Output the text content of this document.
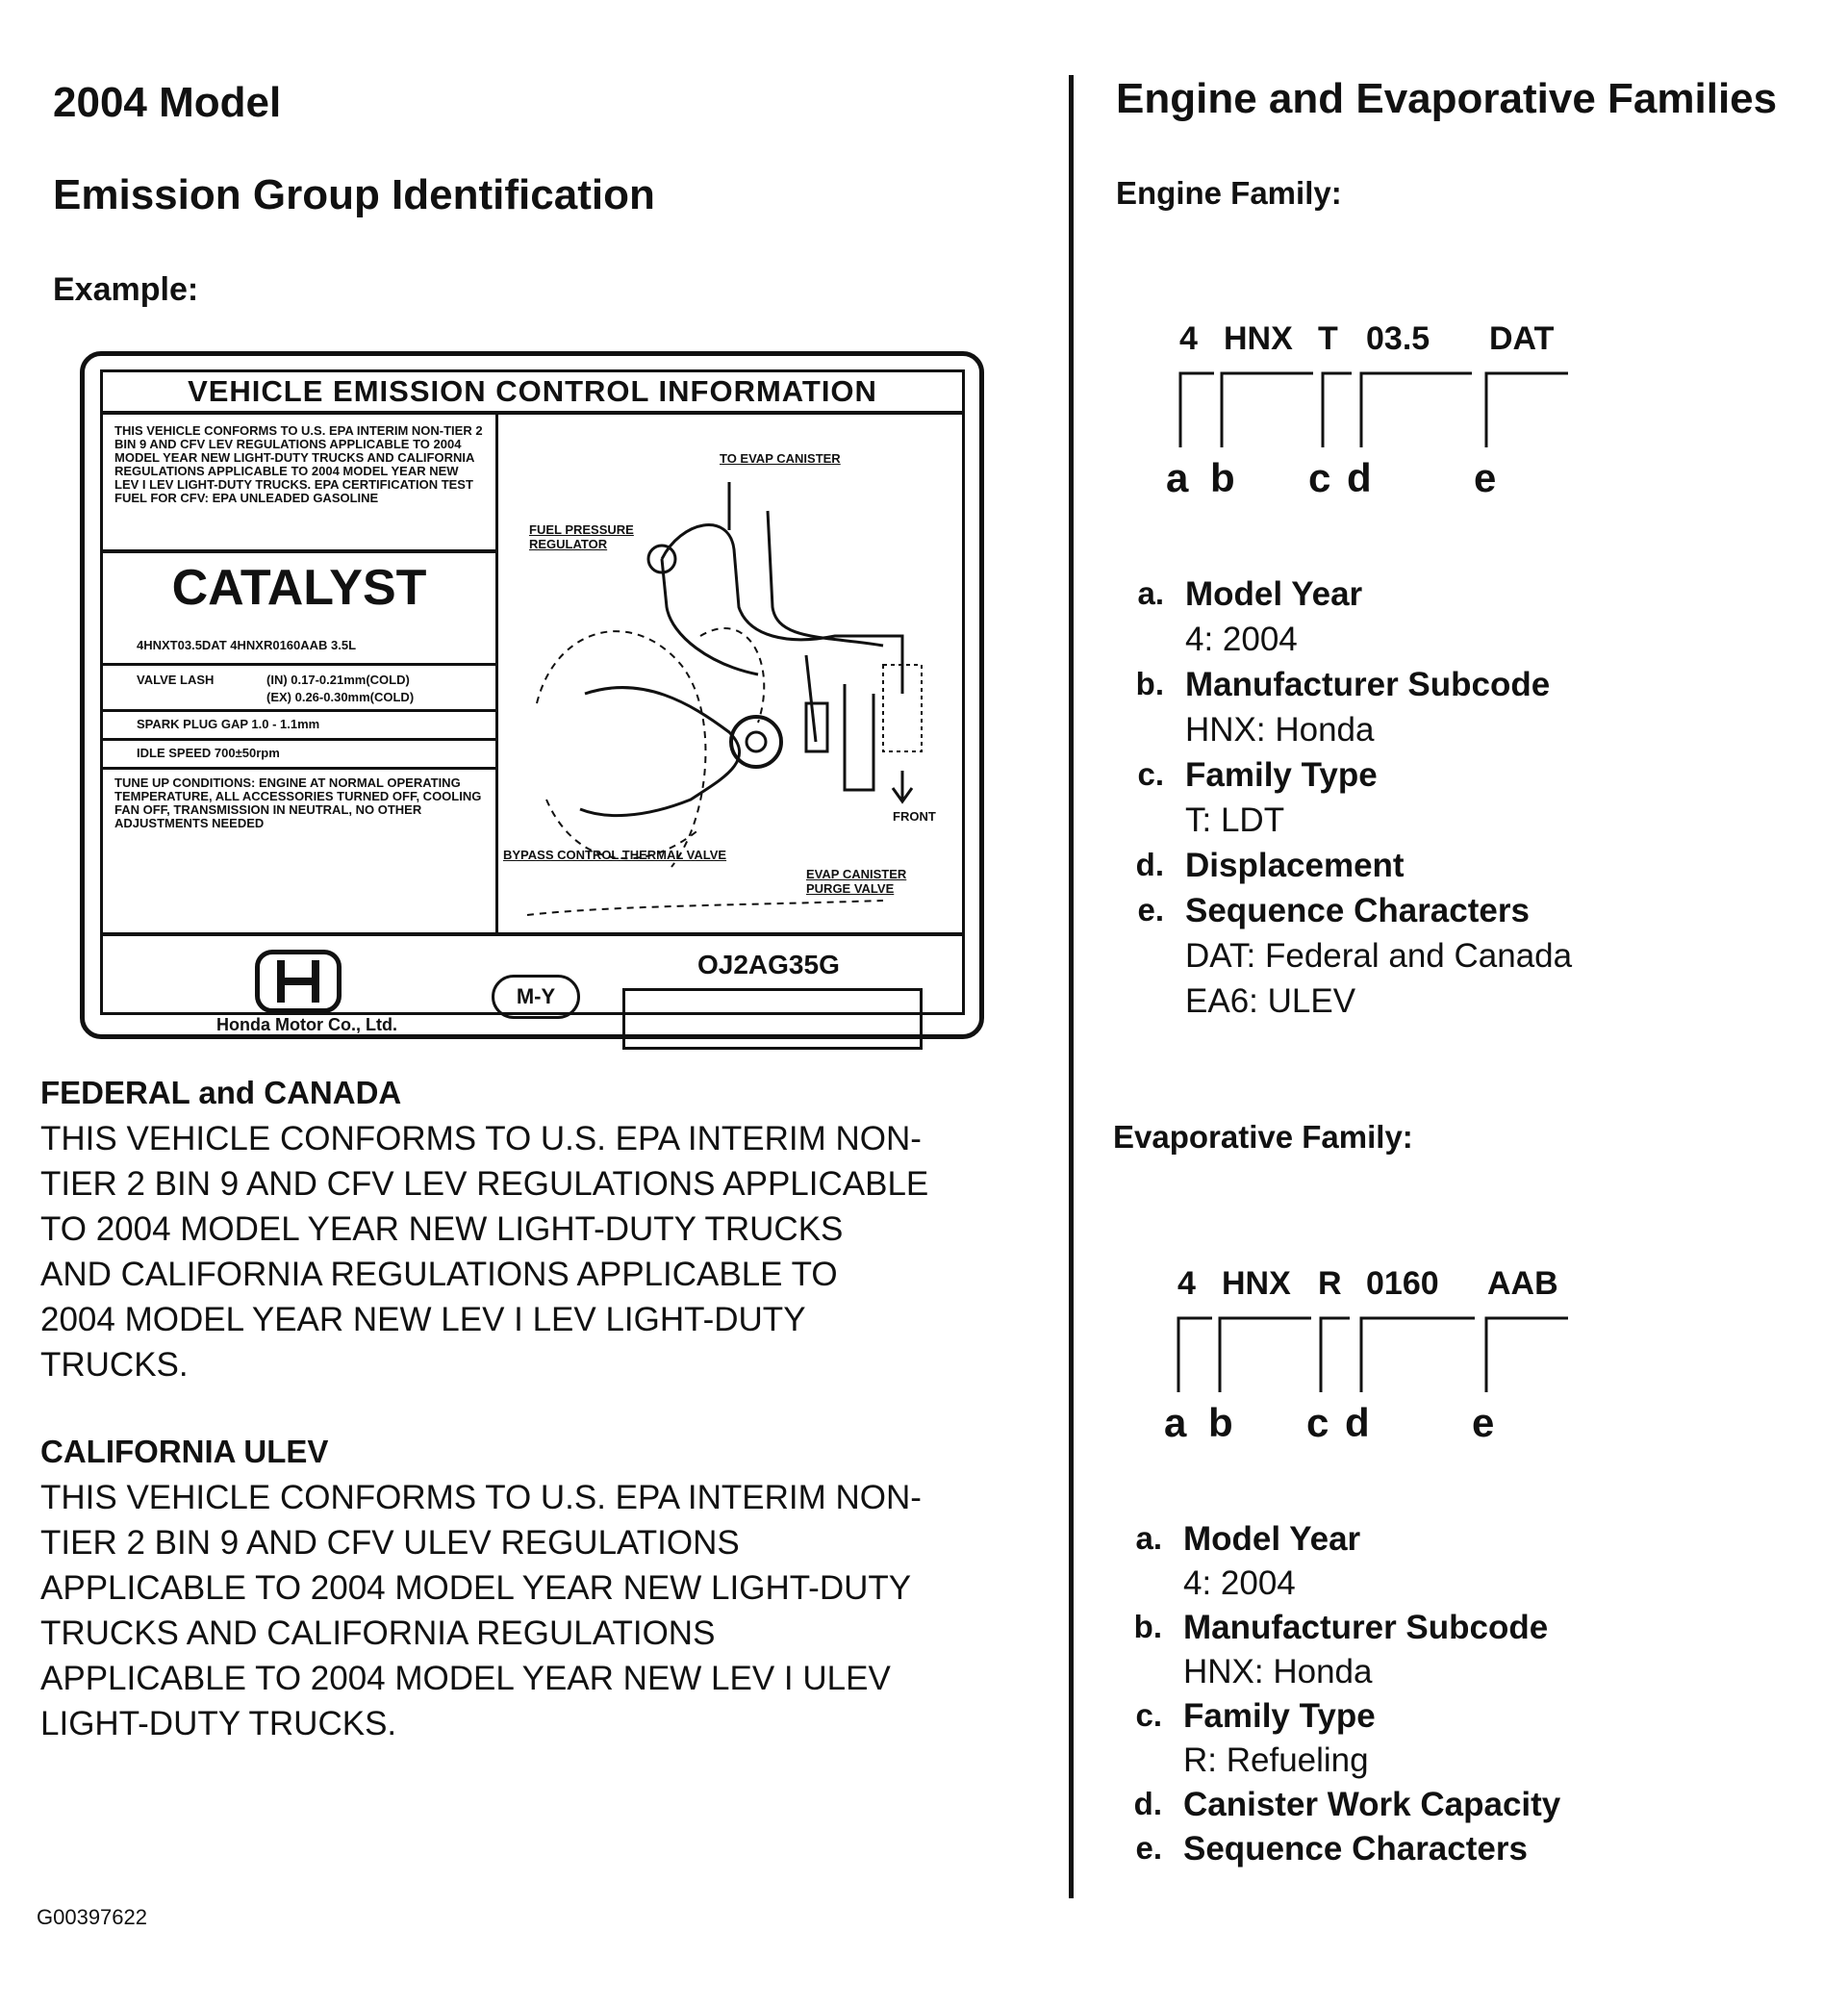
2004 Model
Emission Group Identification
Example:
VEHICLE EMISSION CONTROL INFORMATION
THIS VEHICLE CONFORMS TO U.S. EPA INTERIM NON-TIER 2 BIN 9 AND CFV LEV REGULATIONS APPLICABLE TO 2004 MODEL YEAR NEW LIGHT-DUTY TRUCKS AND CALIFORNIA REGULATIONS APPLICABLE TO 2004 MODEL YEAR NEW LEV I LEV LIGHT-DUTY TRUCKS. EPA CERTIFICATION TEST FUEL FOR CFV: EPA UNLEADED GASOLINE
CATALYST
4HNXT03.5DAT 4HNXR0160AAB 3.5L
VALVE LASH	(IN) 0.17-0.21mm(COLD)
(EX) 0.26-0.30mm(COLD)
SPARK PLUG GAP 1.0 - 1.1mm
IDLE SPEED 700±50rpm
TUNE UP CONDITIONS: ENGINE AT NORMAL OPERATING TEMPERATURE, ALL ACCESSORIES TURNED OFF, COOLING FAN OFF, TRANSMISSION IN NEUTRAL, NO OTHER ADJUSTMENTS NEEDED
TO EVAP CANISTER
FUEL PRESSURE REGULATOR
BYPASS CONTROL THERMAL VALVE
EVAP CANISTER PURGE VALVE
FRONT
Honda Motor Co., Ltd.
M-Y
OJ2AG35G
FEDERAL and CANADA
THIS VEHICLE CONFORMS TO U.S. EPA INTERIM NON-
TIER 2 BIN 9 AND CFV LEV REGULATIONS APPLICABLE
TO 2004 MODEL YEAR NEW LIGHT-DUTY TRUCKS
AND CALIFORNIA REGULATIONS APPLICABLE TO
2004 MODEL YEAR NEW LEV I LEV LIGHT-DUTY
TRUCKS.
CALIFORNIA ULEV
THIS VEHICLE CONFORMS TO U.S. EPA INTERIM NON-
TIER 2 BIN 9 AND CFV ULEV REGULATIONS
APPLICABLE TO 2004 MODEL YEAR NEW LIGHT-DUTY
TRUCKS AND CALIFORNIA REGULATIONS
APPLICABLE TO 2004 MODEL YEAR NEW LEV I ULEV
LIGHT-DUTY TRUCKS.
Engine and Evaporative Families
Engine Family:
4 HNX T 03.5 DAT
a b c d	e
a. Model Year
4: 2004
b. Manufacturer Subcode
HNX: Honda
c. Family Type
T: LDT
d. Displacement
e. Sequence Characters
DAT: Federal and Canada
EA6: ULEV
Evaporative Family:
4 HNX R 0160 AAB
a b c d	e
a. Model Year
4: 2004
b. Manufacturer Subcode
HNX: Honda
c. Family Type
R: Refueling
d. Canister Work Capacity
e. Sequence Characters
G00397622
